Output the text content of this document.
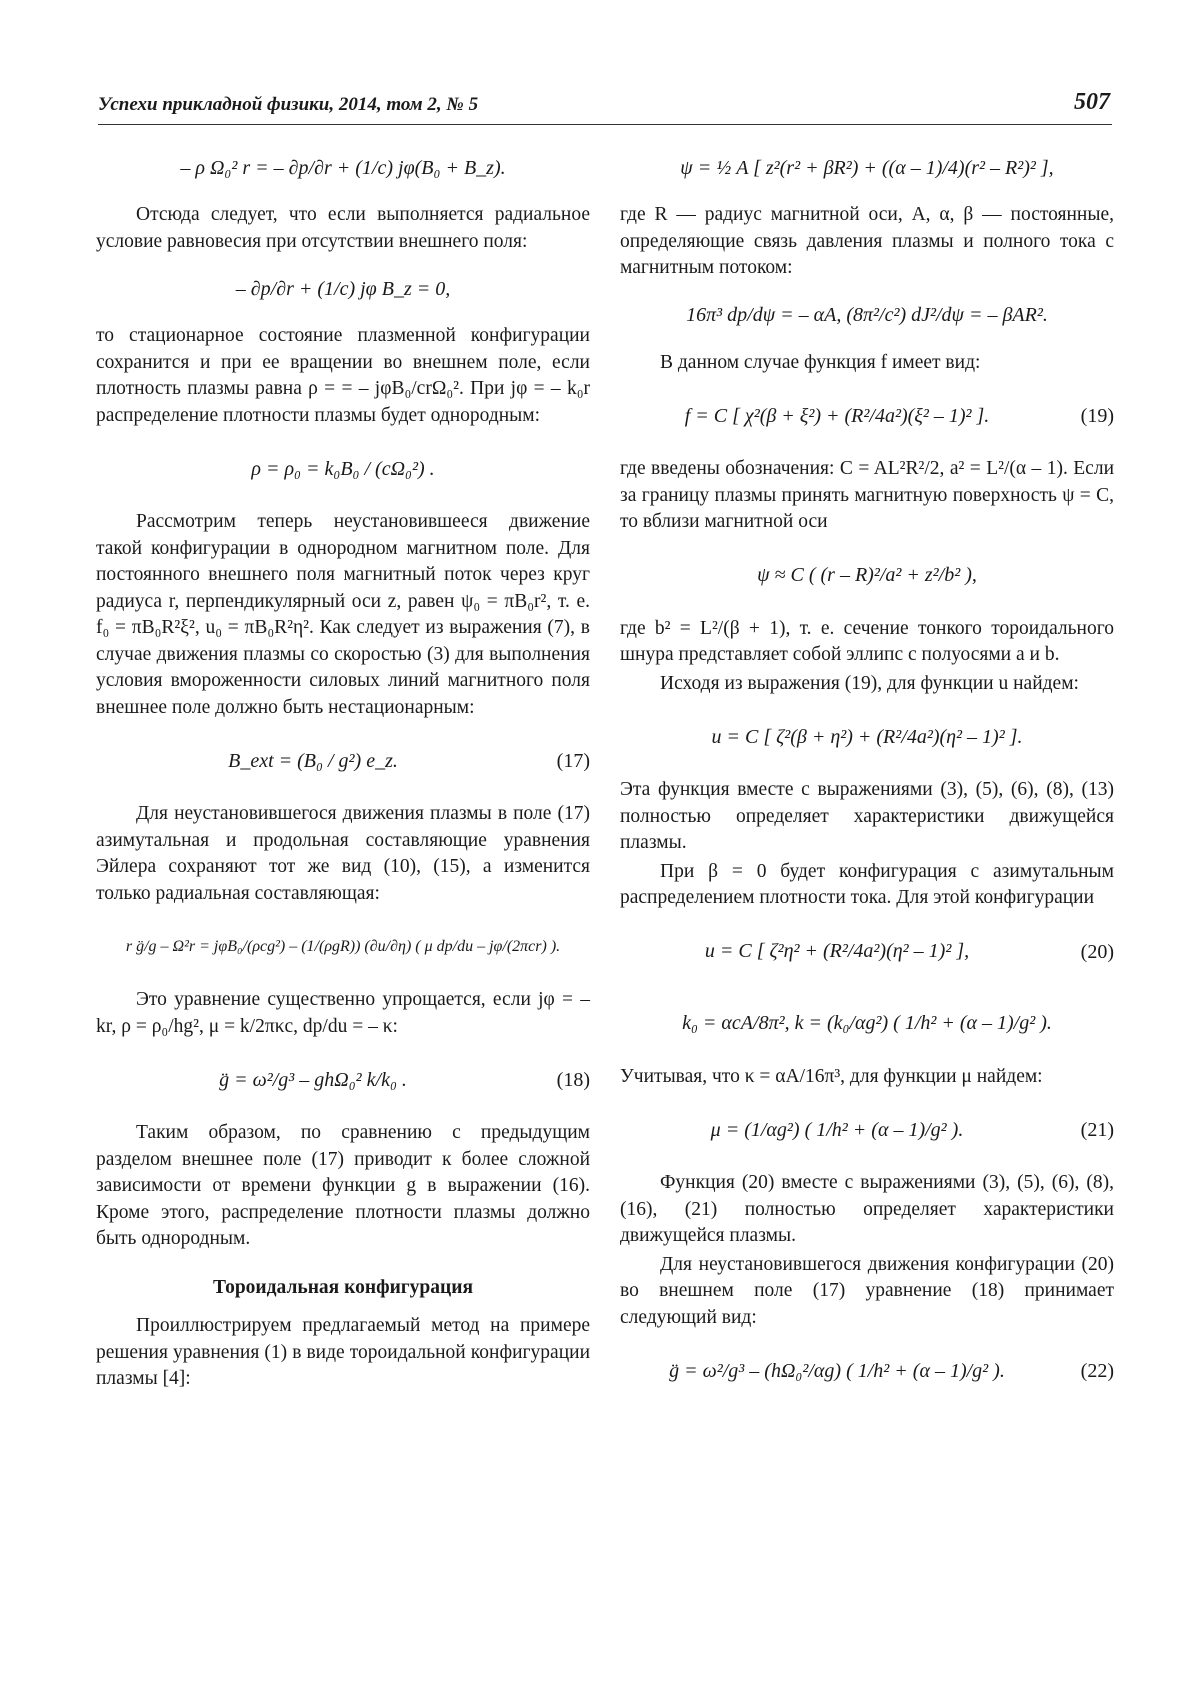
Успехи прикладной физики, 2014, том 2, № 5	507
– ρ Ω₀² r = – ∂p/∂r + (1/c) jφ(B₀ + B_z).

Отсюда следует, что если выполняется радиальное условие равновесия при отсутствии внешнего поля:

– ∂p/∂r + (1/c) jφ B_z = 0,

то стационарное состояние плазменной конфигурации сохранится и при ее вращении во внешнем поле, если плотность плазмы равна ρ = = – jφB₀/crΩ₀². При jφ = – k₀r распределение плотности плазмы будет однородным:

ρ = ρ₀ = k₀B₀ / (cΩ₀²) .

Рассмотрим теперь неустановившееся движение такой конфигурации в однородном магнитном поле. Для постоянного внешнего поля магнитный поток через круг радиуса r, перпендикулярный оси z, равен ψ₀ = πB₀r², т. е. f₀ = πB₀R²ξ², u₀ = πB₀R²η². Как следует из выражения (7), в случае движения плазмы со скоростью (3) для выполнения условия вмороженности силовых линий магнитного поля внешнее поле должно быть нестационарным:

B_ext = (B₀ / g²) e_z.	(17)

Для неустановившегося движения плазмы в поле (17) азимутальная и продольная составляющие уравнения Эйлера сохраняют тот же вид (10), (15), а изменится только радиальная составляющая:

r g̈/g – Ω²r = jφB₀/(ρcg²) – (1/(ρgR)) (∂u/∂η) ( μ dp/du – jφ/(2πcr) ).

Это уравнение существенно упрощается, если jφ = – kr, ρ = ρ₀/hg², μ = k/2πκc, dp/du = – κ:

g̈ = ω²/g³ – ghΩ₀² k/k₀ .	(18)

Таким образом, по сравнению с предыдущим разделом внешнее поле (17) приводит к более сложной зависимости от времени функции g в выражении (16). Кроме этого, распределение плотности плазмы должно быть однородным.

Тороидальная конфигурация

Проиллюстрируем предлагаемый метод на примере решения уравнения (1) в виде тороидальной конфигурации плазмы [4]:

ψ = ½ A [ z²(r² + βR²) + ((α – 1)/4)(r² – R²)² ],

где R — радиус магнитной оси, A, α, β — постоянные, определяющие связь давления плазмы и полного тока с магнитным потоком:

16π³ dp/dψ = – αA, (8π²/c²) dJ²/dψ = – βAR².

В данном случае функция f имеет вид:

f = C [ χ²(β + ξ²) + (R²/4a²)(ξ² – 1)² ].	(19)

где введены обозначения: C = AL²R²/2, a² = L²/(α – 1). Если за границу плазмы принять магнитную поверхность ψ = C, то вблизи магнитной оси

ψ ≈ C ( (r – R)²/a² + z²/b² ),

где b² = L²/(β + 1), т. е. сечение тонкого тороидального шнура представляет собой эллипс с полуосями a и b.

Исходя из выражения (19), для функции u найдем:

u = C [ ζ²(β + η²) + (R²/4a²)(η² – 1)² ].

Эта функция вместе с выражениями (3), (5), (6), (8), (13) полностью определяет характеристики движущейся плазмы.

При β = 0 будет конфигурация с азимутальным распределением плотности тока. Для этой конфигурации

u = C [ ζ²η² + (R²/4a²)(η² – 1)² ],	(20)
k₀ = αcA/8π², k = (k₀/αg²) ( 1/h² + (α – 1)/g² ).

Учитывая, что κ = αA/16π³, для функции μ найдем:

μ = (1/αg²) ( 1/h² + (α – 1)/g² ).	(21)

Функция (20) вместе с выражениями (3), (5), (6), (8), (16), (21) полностью определяет характеристики движущейся плазмы.

Для неустановившегося движения конфигурации (20) во внешнем поле (17) уравнение (18) принимает следующий вид:

g̈ = ω²/g³ – (hΩ₀²/αg) ( 1/h² + (α – 1)/g² ).	(22)
